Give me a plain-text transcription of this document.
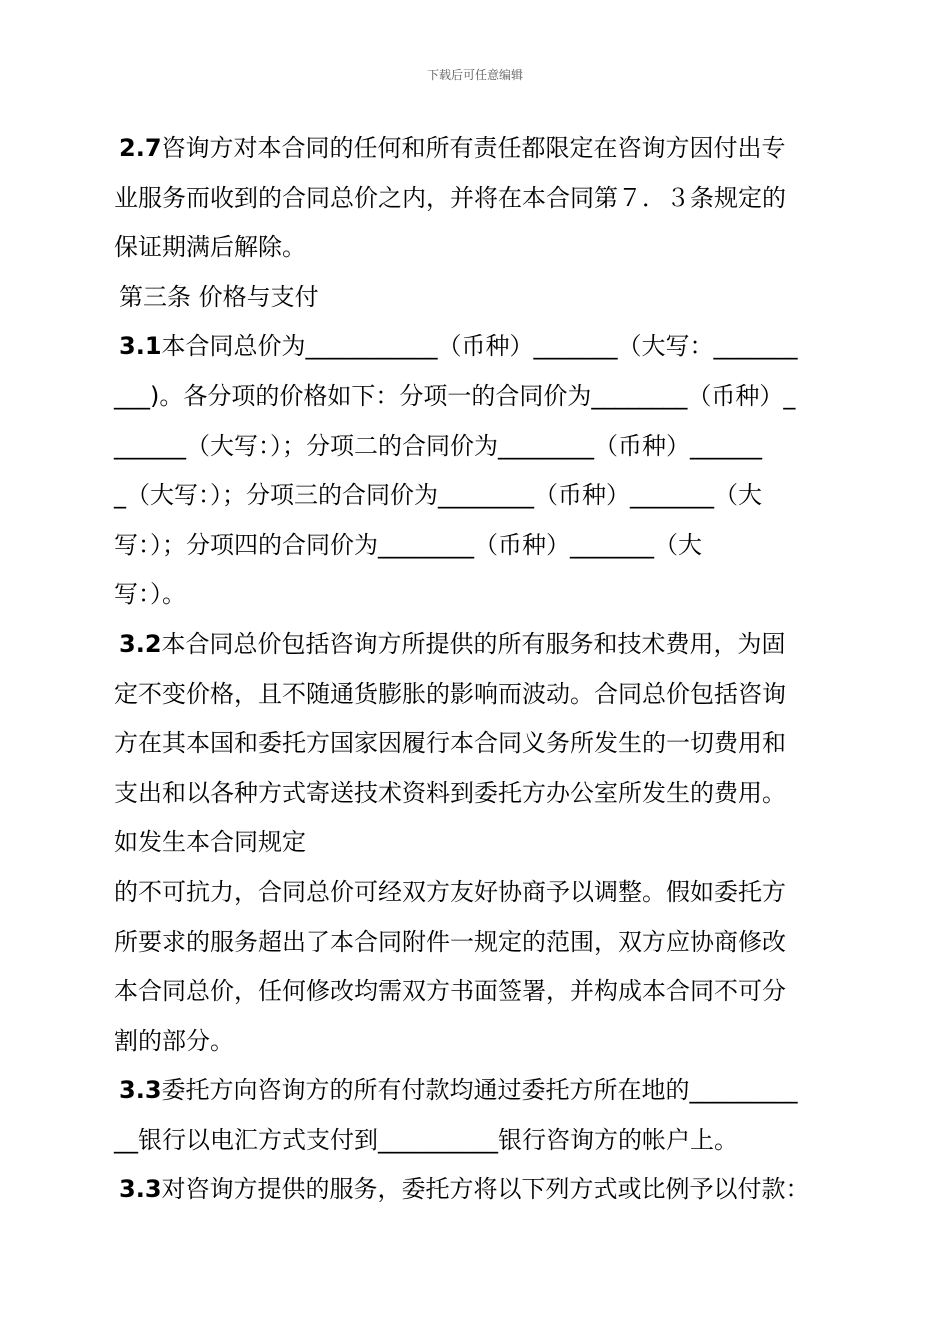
下载后可任意编辑

2.7咨询方对本合同的任何和所有责任都限定在咨询方因付出专

业服务而收到的合同总价之内，并将在本合同第７．３条规定的

保证期满后解除。

第三条 价格与支付

3.1本合同总价为___________（币种）_______（大写：_______

___)。各分项的价格如下：分项一的合同价为________（币种）_

______（大写：）；分项二的合同价为________（币种）______

_（大写：）；分项三的合同价为________（币种）_______（大

写：）；分项四的合同价为________（币种）_______（大

写：）。

3.2本合同总价包括咨询方所提供的所有服务和技术费用，为固

定不变价格，且不随通货膨胀的影响而波动。合同总价包括咨询

方在其本国和委托方国家因履行本合同义务所发生的一切费用和

支出和以各种方式寄送技术资料到委托方办公室所发生的费用。

如发生本合同规定

的不可抗力，合同总价可经双方友好协商予以调整。假如委托方

所要求的服务超出了本合同附件一规定的范围，双方应协商修改

本合同总价，任何修改均需双方书面签署，并构成本合同不可分

割的部分。

3.3委托方向咨询方的所有付款均通过委托方所在地的_________

__银行以电汇方式支付到__________银行咨询方的帐户上。

3.3对咨询方提供的服务，委托方将以下列方式或比例予以付款：
